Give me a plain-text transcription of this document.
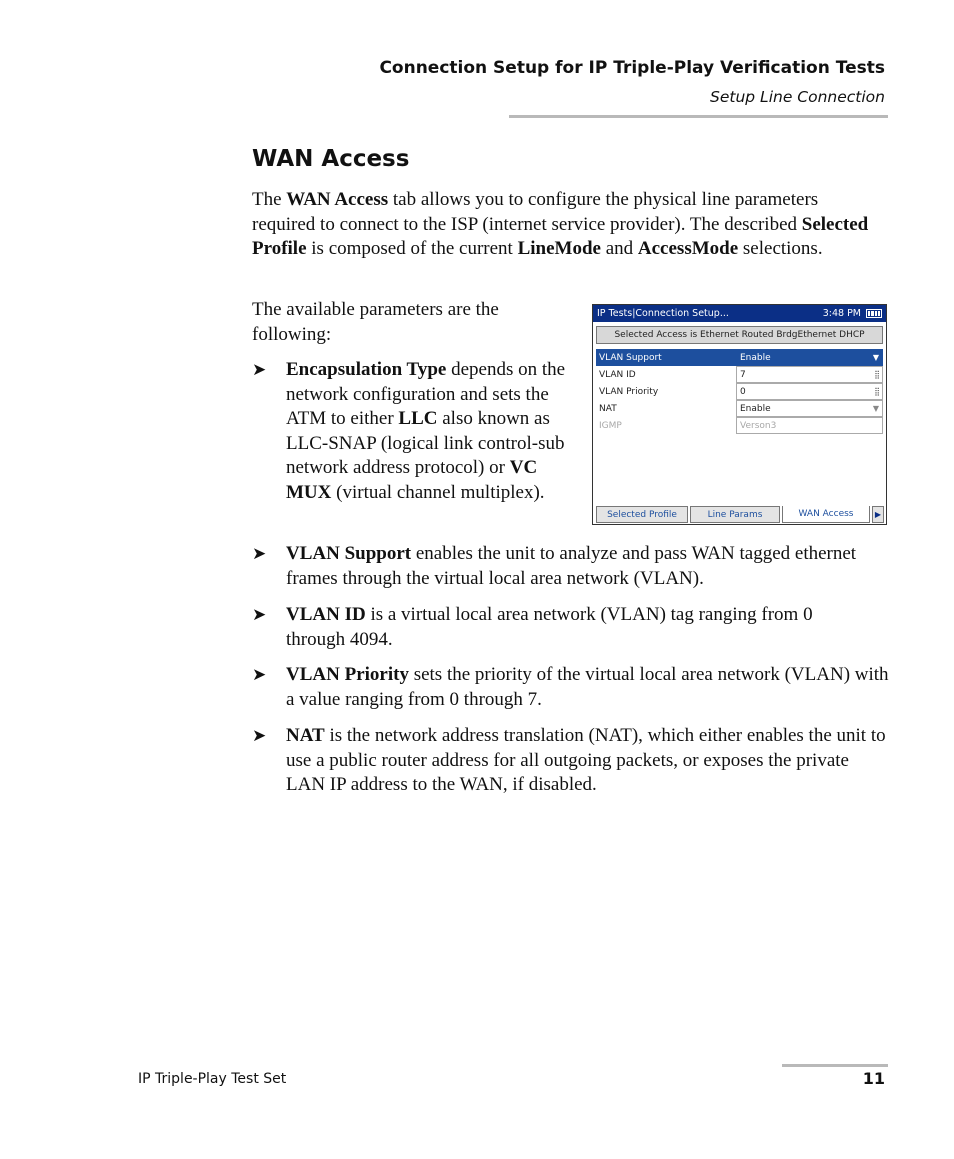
Connection Setup for IP Triple-Play Verification Tests
Setup Line Connection
WAN Access

The WAN Access tab allows you to configure the physical line parameters required to connect to the ISP (internet service provider). The described Selected Profile is composed of the current LineMode and AccessMode selections.

The available parameters are the following:

➤ Encapsulation Type depends on the network configuration and sets the ATM to either LLC also known as LLC-SNAP (logical link control-sub network address protocol) or VC MUX (virtual channel multiplex).
➤ VLAN Support enables the unit to analyze and pass WAN tagged ethernet frames through the virtual local area network (VLAN).
➤ VLAN ID is a virtual local area network (VLAN) tag ranging from 0 through 4094.
➤ VLAN Priority sets the priority of the virtual local area network (VLAN) with a value ranging from 0 through 7.
➤ NAT is the network address translation (NAT), which either enables the unit to use a public router address for all outgoing packets, or exposes the private LAN IP address to the WAN, if disabled.
IP Tests|Connection Setup...	3:48 PM
Selected Access is Ethernet Routed BrdgEthernet DHCP
VLAN Support	Enable	▼
VLAN ID	7	⣿
VLAN Priority	0	⣿
NAT	Enable	▼
IGMP	Verson3
Selected Profile	Line Params	WAN Access	▶
IP Triple-Play Test Set	11
